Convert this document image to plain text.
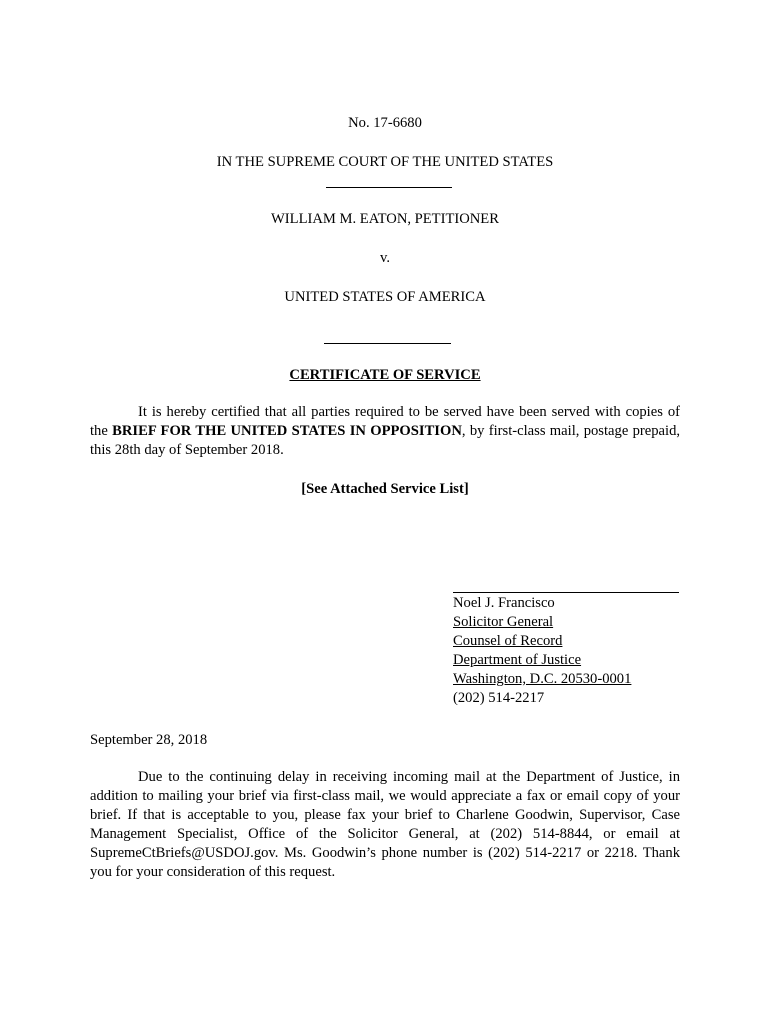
No. 17-6680
IN THE SUPREME COURT OF THE UNITED STATES
WILLIAM M. EATON, PETITIONER
v.
UNITED STATES OF AMERICA
CERTIFICATE OF SERVICE
It is hereby certified that all parties required to be served have been served with copies of the BRIEF FOR THE UNITED STATES IN OPPOSITION, by first-class mail, postage prepaid, this 28th day of September 2018.
[See Attached Service List]
Noel J. Francisco
Solicitor General
Counsel of Record
Department of Justice
Washington, D.C. 20530-0001
(202) 514-2217
September 28, 2018
Due to the continuing delay in receiving incoming mail at the Department of Justice, in addition to mailing your brief via first-class mail, we would appreciate a fax or email copy of your brief. If that is acceptable to you, please fax your brief to Charlene Goodwin, Supervisor, Case Management Specialist, Office of the Solicitor General, at (202) 514-8844, or email at SupremeCtBriefs@USDOJ.gov. Ms. Goodwin’s phone number is (202) 514-2217 or 2218. Thank you for your consideration of this request.
